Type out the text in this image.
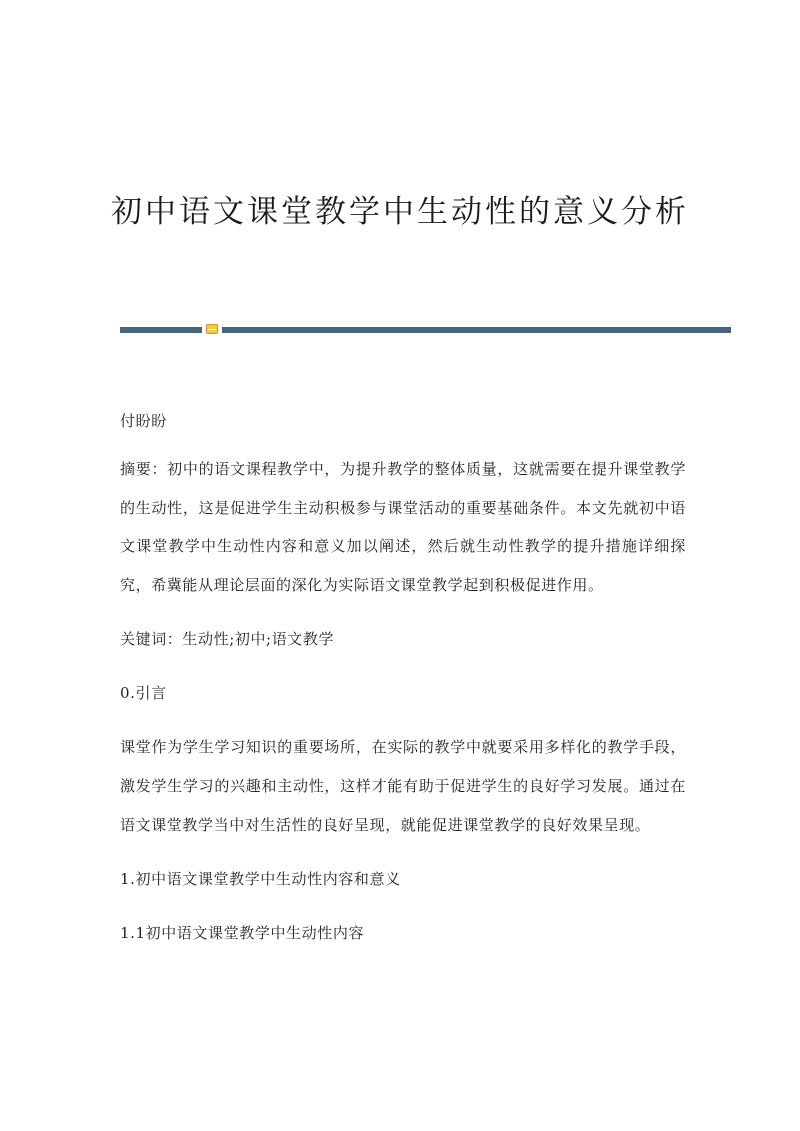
初中语文课堂教学中生动性的意义分析

付盼盼

摘要：初中的语文课程教学中，为提升教学的整体质量，这就需要在提升课堂教学的生动性，这是促进学生主动积极参与课堂活动的重要基础条件。本文先就初中语文课堂教学中生动性内容和意义加以阐述，然后就生动性教学的提升措施详细探究，希冀能从理论层面的深化为实际语文课堂教学起到积极促进作用。

关键词：生动性;初中;语文教学

0.引言

课堂作为学生学习知识的重要场所，在实际的教学中就要采用多样化的教学手段，激发学生学习的兴趣和主动性，这样才能有助于促进学生的良好学习发展。通过在语文课堂教学当中对生活性的良好呈现，就能促进课堂教学的良好效果呈现。

1.初中语文课堂教学中生动性内容和意义

1.1初中语文课堂教学中生动性内容
